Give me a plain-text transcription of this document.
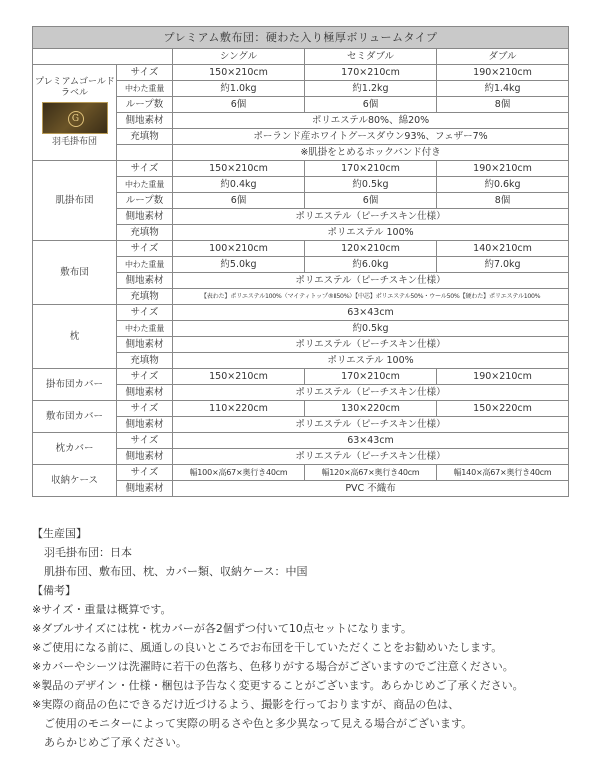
プレミアム敷布団：硬わた入り極厚ボリュームタイプ				
		シングル	セミダブル	ダブル

プレミアムゴールド
ラベル
G
羽毛掛布団	サイズ	150×210cm	170×210cm	190×210cm
	中わた重量	約1.0kg	約1.2kg	約1.4kg
	ループ数	6個	6個	8個
	側地素材	ポリエステル80%、綿20%		
	充填物	ポーランド産ホワイトグースダウン93%、フェザー7%		
		※肌掛をとめるホックバンド付き		
肌掛布団	サイズ	150×210cm	170×210cm	190×210cm
	中わた重量	約0.4kg	約0.5kg	約0.6kg
	ループ数	6個	6個	8個
	側地素材	ポリエステル（ピーチスキン仕様）		
	充填物	ポリエステル 100%		
敷布団	サイズ	100×210cm	120×210cm	140×210cm
	中わた重量	約5.0kg	約6.0kg	約7.0kg
	側地素材	ポリエステル（ピーチスキン仕様）		
	充填物	【表わた】ポリエステル100%（マイティトップ®Ⅱ50%）【中芯】ポリエステル50%・ウール50%【硬わた】ポリエステル100%		
枕	サイズ	63×43cm		
	中わた重量	約0.5kg		
	側地素材	ポリエステル（ピーチスキン仕様）		
	充填物	ポリエステル 100%		
掛布団カバー	サイズ	150×210cm	170×210cm	190×210cm
	側地素材	ポリエステル（ピーチスキン仕様）		
敷布団カバー	サイズ	110×220cm	130×220cm	150×220cm
	側地素材	ポリエステル（ピーチスキン仕様）		
枕カバー	サイズ	63×43cm		
	側地素材	ポリエステル（ピーチスキン仕様）		
収納ケース	サイズ	幅100×高67×奥行き40cm	幅120×高67×奥行き40cm	幅140×高67×奥行き40cm
	側地素材	PVC 不織布		
【生産国】
羽毛掛布団：日本
肌掛布団、敷布団、枕、カバー類、収納ケース：中国
【備考】
※サイズ・重量は概算です。
※ダブルサイズには枕・枕カバーが各2個ずつ付いて10点セットになります。
※ご使用になる前に、風通しの良いところでお布団を干していただくことをお勧めいたします。
※カバーやシーツは洗濯時に若干の色落ち、色移りがする場合がございますのでご注意ください。
※製品のデザイン・仕様・梱包は予告なく変更することがございます。あらかじめご了承ください。
※実際の商品の色にできるだけ近づけるよう、撮影を行っておりますが、商品の色は、
ご使用のモニターによって実際の明るさや色と多少異なって見える場合がございます。
あらかじめご了承ください。
